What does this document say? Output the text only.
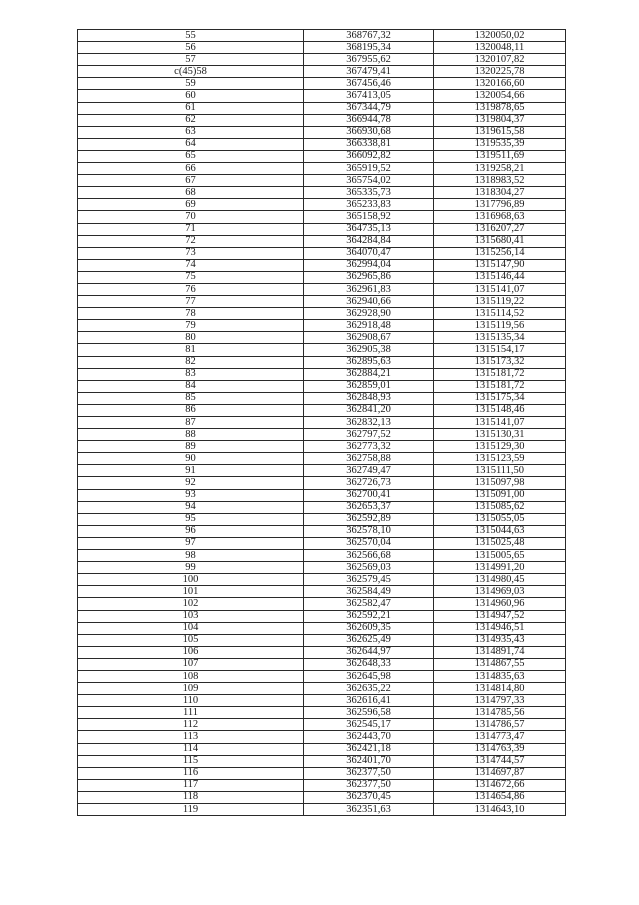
55	368767,32	1320050,02
56	368195,34	1320048,11
57	367955,62	1320107,82
с(45)58	367479,41	1320225,78
59	367456,46	1320166,60
60	367413,05	1320054,66
61	367344,79	1319878,65
62	366944,78	1319804,37
63	366930,68	1319615,58
64	366338,81	1319535,39
65	366092,82	1319511,69
66	365919,52	1319258,21
67	365754,02	1318983,52
68	365335,73	1318304,27
69	365233,83	1317796,89
70	365158,92	1316968,63
71	364735,13	1316207,27
72	364284,84	1315680,41
73	364070,47	1315256,14
74	362994,04	1315147,90
75	362965,86	1315146,44
76	362961,83	1315141,07
77	362940,66	1315119,22
78	362928,90	1315114,52
79	362918,48	1315119,56
80	362908,67	1315135,34
81	362905,38	1315154,17
82	362895,63	1315173,32
83	362884,21	1315181,72
84	362859,01	1315181,72
85	362848,93	1315175,34
86	362841,20	1315148,46
87	362832,13	1315141,07
88	362797,52	1315130,31
89	362773,32	1315129,30
90	362758,88	1315123,59
91	362749,47	1315111,50
92	362726,73	1315097,98
93	362700,41	1315091,00
94	362653,37	1315085,62
95	362592,89	1315055,05
96	362578,10	1315044,63
97	362570,04	1315025,48
98	362566,68	1315005,65
99	362569,03	1314991,20
100	362579,45	1314980,45
101	362584,49	1314969,03
102	362582,47	1314960,96
103	362592,21	1314947,52
104	362609,35	1314946,51
105	362625,49	1314935,43
106	362644,97	1314891,74
107	362648,33	1314867,55
108	362645,98	1314835,63
109	362635,22	1314814,80
110	362616,41	1314797,33
111	362596,58	1314785,56
112	362545,17	1314786,57
113	362443,70	1314773,47
114	362421,18	1314763,39
115	362401,70	1314744,57
116	362377,50	1314697,87
117	362377,50	1314672,66
118	362370,45	1314654,86
119	362351,63	1314643,10
